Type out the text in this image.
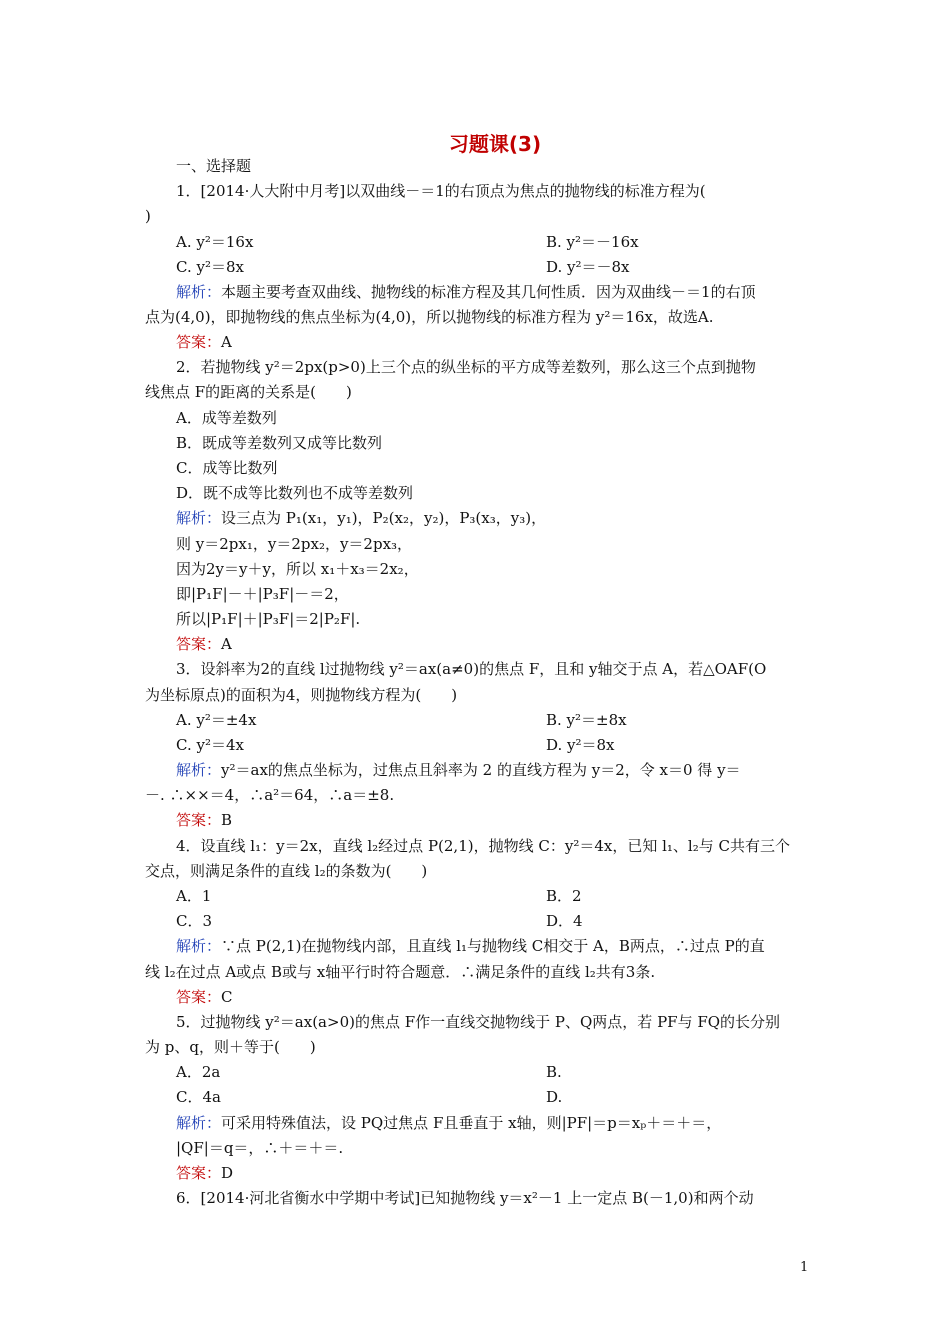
习题课(3)
一、选择题
1．[2014·人大附中月考]以双曲线－＝1的右顶点为焦点的抛物线的标准方程为(
)
A. y²＝16x	B. y²＝－16x
C. y²＝8x	D. y²＝－8x
解析：本题主要考查双曲线、抛物线的标准方程及其几何性质．因为双曲线－＝1的右顶
点为(4,0)，即抛物线的焦点坐标为(4,0)，所以抛物线的标准方程为 y²＝16x，故选A.
答案：A
2．若抛物线 y²＝2px(p>0)上三个点的纵坐标的平方成等差数列，那么这三个点到抛物
线焦点 F的距离的关系是(　　)
A．成等差数列
B．既成等差数列又成等比数列
C．成等比数列
D．既不成等比数列也不成等差数列
解析：设三点为 P₁(x₁，y₁)，P₂(x₂，y₂)，P₃(x₃，y₃)，
则 y＝2px₁，y＝2px₂，y＝2px₃，
因为2y＝y＋y，所以 x₁＋x₃＝2x₂，
即|P₁F|－＋|P₃F|－＝2，
所以|P₁F|＋|P₃F|＝2|P₂F|.
答案：A
3．设斜率为2的直线 l过抛物线 y²＝ax(a≠0)的焦点 F，且和 y轴交于点 A，若△OAF(O
为坐标原点)的面积为4，则抛物线方程为(　　)
A. y²＝±4x	B. y²＝±8x
C. y²＝4x	D. y²＝8x
解析：y²＝ax的焦点坐标为，过焦点且斜率为 2 的直线方程为 y＝2，令 x＝0 得 y＝
－. ∴××＝4，∴a²＝64，∴a＝±8.
答案：B
4．设直线 l₁：y＝2x，直线 l₂经过点 P(2,1)，抛物线 C：y²＝4x，已知 l₁、l₂与 C共有三个
交点，则满足条件的直线 l₂的条数为(　　)
A．1	B．2
C．3	D．4
解析：∵点 P(2,1)在抛物线内部，且直线 l₁与抛物线 C相交于 A，B两点，∴过点 P的直
线 l₂在过点 A或点 B或与 x轴平行时符合题意．∴满足条件的直线 l₂共有3条.
答案：C
5．过抛物线 y²＝ax(a>0)的焦点 F作一直线交抛物线于 P、Q两点，若 PF与 FQ的长分别
为 p、q，则＋等于(　　)
A．2a	B.
C．4a	D.
解析：可采用特殊值法，设 PQ过焦点 F且垂直于 x轴，则|PF|＝p＝xₚ＋＝＋＝，
|QF|＝q＝，∴＋＝＋＝.
答案：D
6．[2014·河北省衡水中学期中考试]已知抛物线 y＝x²－1 上一定点 B(－1,0)和两个动
1
